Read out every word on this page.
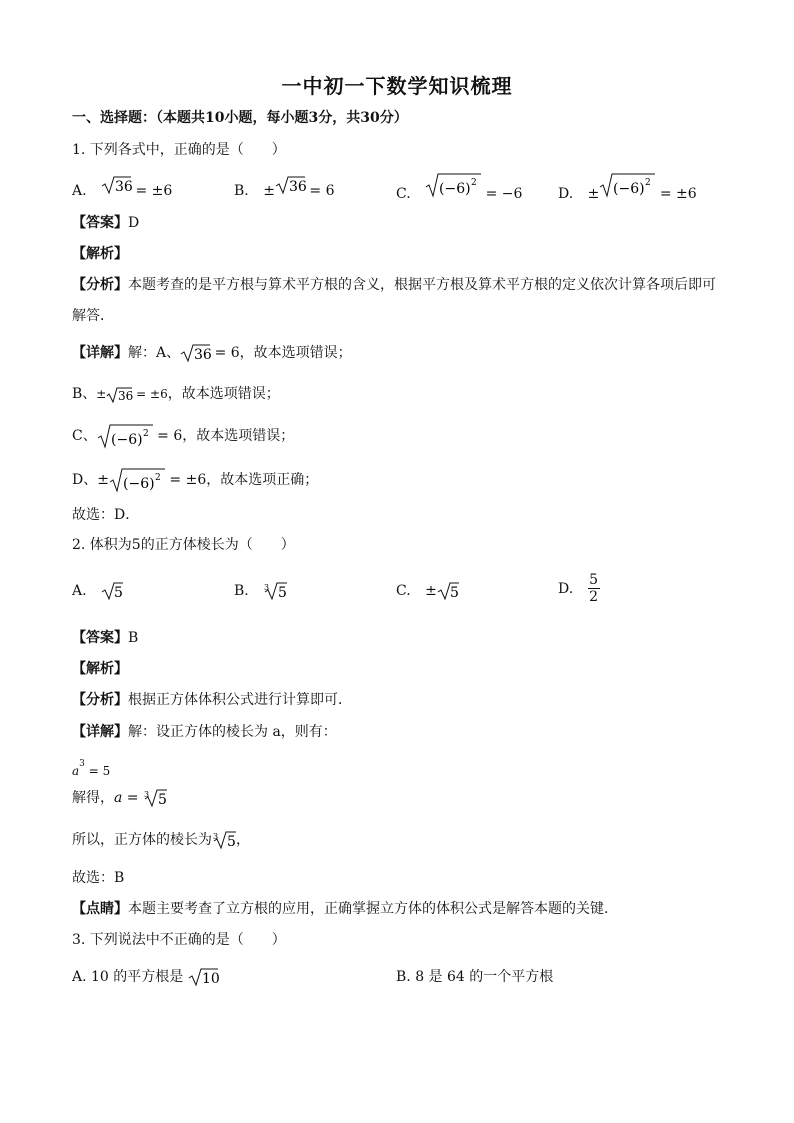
一中初一下数学知识梳理
一、选择题：（本题共10小题，每小题3分，共30分）
1. 下列各式中，正确的是（　　）
A. 36
= ±6	B. ± 36
= 6	C. (−6) 2
= −6	D. ± (−6) 2
= ±6
【答案】D
【解析】
【分析】本题考查的是平方根与算术平方根的含义，根据平方根及算术平方根的定义依次计算各项后即可
解答．
【详解】解：A、 36
= 6，故本选项错误；
B、± 36
= ±6，故本选项错误；
C、 (−6) 2 = 6，故本选项错误；
D、± (−6) 2 = ±6，故本选项正确；
故选：D．
2. 体积为5的正方体棱长为（　　）
A. 5	B. 3 5	C. ± 5	D. $\frac{5}{2}$
【答案】B
【解析】
【分析】根据正方体体积公式进行计算即可．
【详解】解：设正方体的棱长为 a，则有：
$a^3 = 5$
解得，a = 3 5
所以，正方体的棱长为 3 5 ，
故选：B
【点睛】本题主要考查了立方根的应用，正确掌握立方体的体积公式是解答本题的关键．
3. 下列说法中不正确的是（　　）
A. 10 的平方根是 10	B. 8 是 64 的一个平方根
